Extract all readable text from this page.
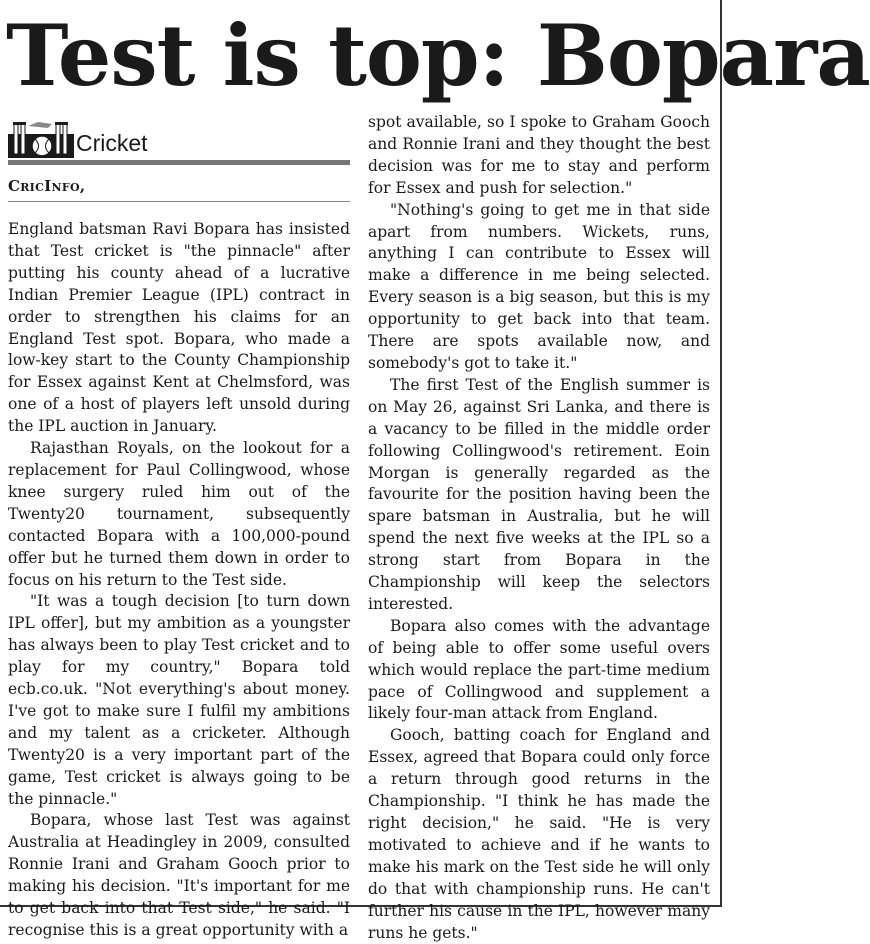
Test is top: Bopara
Cricket
CricInfo,

England batsman Ravi Bopara has insisted that Test cricket is "the pinnacle" after putting his county ahead of a lucrative Indian Premier League (IPL) contract in order to strengthen his claims for an England Test spot. Bopara, who made a low-key start to the County Championship for Essex against Kent at Chelmsford, was one of a host of players left unsold during the IPL auction in January.

Rajasthan Royals, on the lookout for a replacement for Paul Collingwood, whose knee surgery ruled him out of the Twenty20 tournament, subsequently contacted Bopara with a 100,000-pound offer but he turned them down in order to focus on his return to the Test side.

"It was a tough decision [to turn down IPL offer], but my ambition as a youngster has always been to play Test cricket and to play for my country," Bopara told ecb.co.uk. "Not everything's about money. I've got to make sure I fulfil my ambitions and my talent as a cricketer. Although Twenty20 is a very important part of the game, Test cricket is always going to be the pinnacle."

Bopara, whose last Test was against Australia at Headingley in 2009, consulted Ronnie Irani and Graham Gooch prior to making his decision. "It's important for me to get back into that Test side," he said. "I recognise this is a great opportunity with a

spot available, so I spoke to Graham Gooch and Ronnie Irani and they thought the best decision was for me to stay and perform for Essex and push for selection."

"Nothing's going to get me in that side apart from numbers. Wickets, runs, anything I can contribute to Essex will make a difference in me being selected. Every season is a big season, but this is my opportunity to get back into that team. There are spots available now, and somebody's got to take it."

The first Test of the English summer is on May 26, against Sri Lanka, and there is a vacancy to be filled in the middle order following Collingwood's retirement. Eoin Morgan is generally regarded as the favourite for the position having been the spare batsman in Australia, but he will spend the next five weeks at the IPL so a strong start from Bopara in the Championship will keep the selectors interested.

Bopara also comes with the advantage of being able to offer some useful overs which would replace the part-time medium pace of Collingwood and supplement a likely four-man attack from England.

Gooch, batting coach for England and Essex, agreed that Bopara could only force a return through good returns in the Championship. "I think he has made the right decision," he said. "He is very motivated to achieve and if he wants to make his mark on the Test side he will only do that with championship runs. He can't further his cause in the IPL, however many runs he gets."
